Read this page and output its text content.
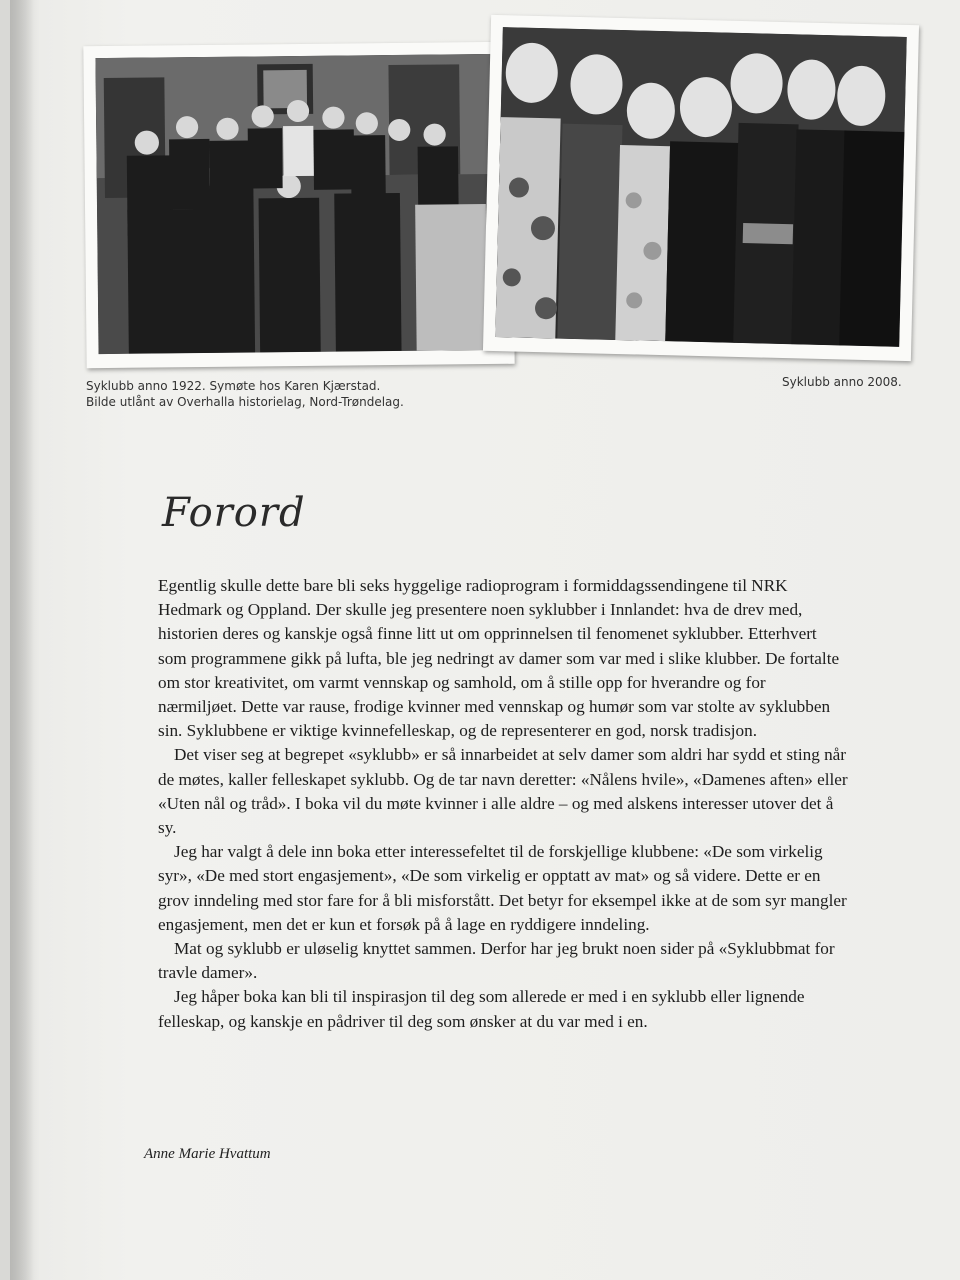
Syklubb anno 1922. Symøte hos Karen Kjærstad.
Bilde utlånt av Overhalla historielag, Nord-Trøndelag.
Syklubb anno 2008.
Forord

Egentlig skulle dette bare bli seks hyggelige radioprogram i formiddagssendingene til NRK Hedmark og Oppland. Der skulle jeg presentere noen syklubber i Innlandet: hva de drev med, historien deres og kanskje også finne litt ut om opprinnelsen til fenomenet syklubber. Etterhvert som programmene gikk på lufta, ble jeg nedringt av damer som var med i slike klubber. De fortalte om stor kreativitet, om varmt vennskap og samhold, om å stille opp for hverandre og for nærmiljøet. Dette var rause, frodige kvinner med vennskap og humør som var stolte av syklubben sin. Syklubbene er viktige kvinnefelleskap, og de representerer en god, norsk tradisjon.

Det viser seg at begrepet «syklubb» er så innarbeidet at selv damer som aldri har sydd et sting når de møtes, kaller felleskapet syklubb. Og de tar navn deretter: «Nålens hvile», «Damenes aften» eller «Uten nål og tråd». I boka vil du møte kvinner i alle aldre – og med alskens interesser utover det å sy.

Jeg har valgt å dele inn boka etter interessefeltet til de forskjellige klubbene: «De som virkelig syr», «De med stort engasjement», «De som virkelig er opptatt av mat» og så videre. Dette er en grov inndeling med stor fare for å bli misforstått. Det betyr for eksempel ikke at de som syr mangler engasjement, men det er kun et forsøk på å lage en ryddigere inndeling.

Mat og syklubb er uløselig knyttet sammen. Derfor har jeg brukt noen sider på «Syklubbmat for travle damer».

Jeg håper boka kan bli til inspirasjon til deg som allerede er med i en syklubb eller lignende felleskap, og kanskje en pådriver til deg som ønsker at du var med i en.

Anne Marie Hvattum
